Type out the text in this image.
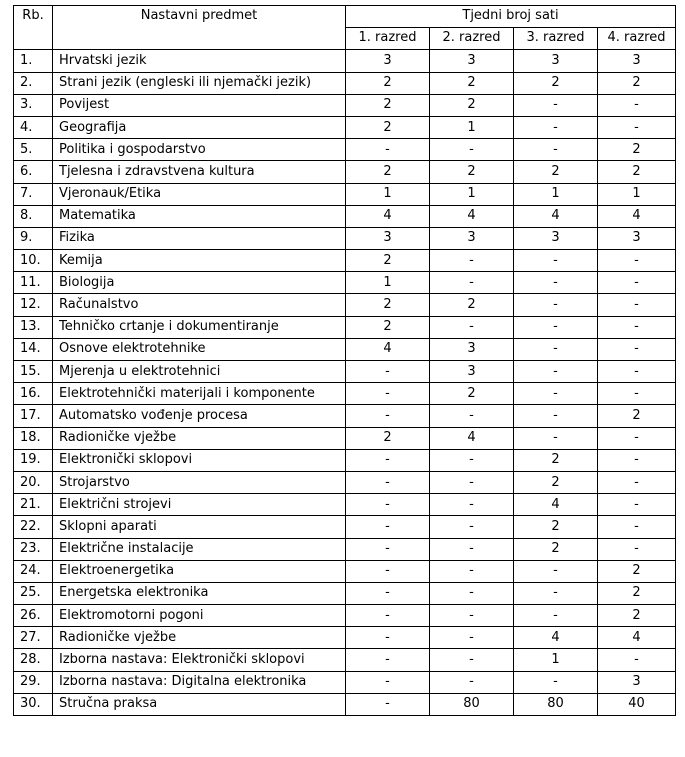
Rb.	Nastavni predmet	Tjedni broj sati			
		1. razred	2. razred	3. razred	4. razred
1.	Hrvatski jezik	3	3	3	3
2.	Strani jezik (engleski ili njemački jezik)	2	2	2	2
3.	Povijest	2	2	-	-
4.	Geografija	2	1	-	-
5.	Politika i gospodarstvo	-	-	-	2
6.	Tjelesna i zdravstvena kultura	2	2	2	2
7.	Vjeronauk/Etika	1	1	1	1
8.	Matematika	4	4	4	4
9.	Fizika	3	3	3	3
10.	Kemija	2	-	-	-
11.	Biologija	1	-	-	-
12.	Računalstvo	2	2	-	-
13.	Tehničko crtanje i dokumentiranje	2	-	-	-
14.	Osnove elektrotehnike	4	3	-	-
15.	Mjerenja u elektrotehnici	-	3	-	-
16.	Elektrotehnički materijali i komponente	-	2	-	-
17.	Automatsko vođenje procesa	-	-	-	2
18.	Radioničke vježbe	2	4	-	-
19.	Elektronički sklopovi	-	-	2	-
20.	Strojarstvo	-	-	2	-
21.	Električni strojevi	-	-	4	-
22.	Sklopni aparati	-	-	2	-
23.	Električne instalacije	-	-	2	-
24.	Elektroenergetika	-	-	-	2
25.	Energetska elektronika	-	-	-	2
26.	Elektromotorni pogoni	-	-	-	2
27.	Radioničke vježbe	-	-	4	4
28.	Izborna nastava: Elektronički sklopovi	-	-	1	-
29.	Izborna nastava: Digitalna elektronika	-	-	-	3
30.	Stručna praksa	-	80	80	40
